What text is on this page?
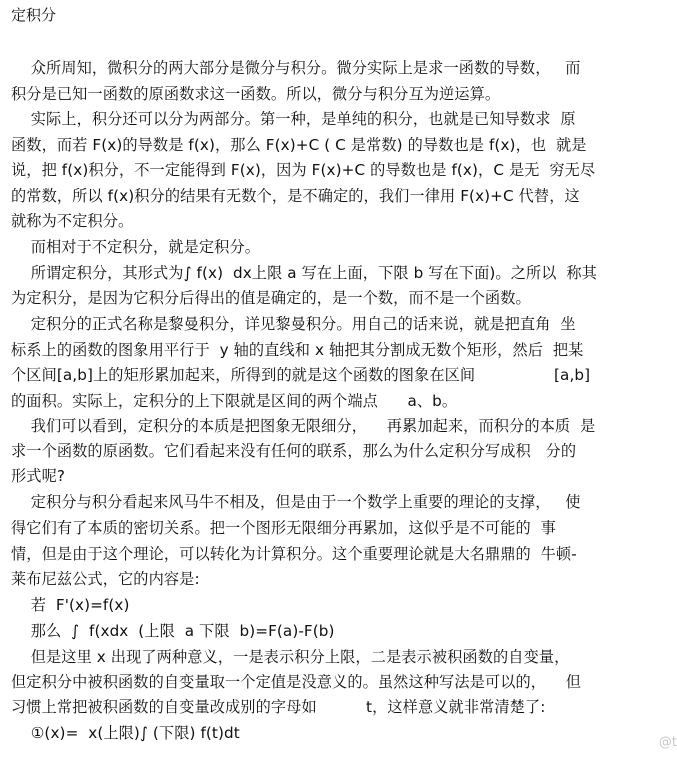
定积分
众所周知，微积分的两大部分是微分与积分。微分实际上是求一函数的导数，   而
积分是已知一函数的原函数求这一函数。所以，微分与积分互为逆运算。
实际上，积分还可以分为两部分。第一种，是单纯的积分，也就是已知导数求  原
函数，而若 F(x)的导数是 f(x)，那么 F(x)+C ( C 是常数) 的导数也是 f(x)，也  就是
说，把 f(x)积分，不一定能得到 F(x)，因为 F(x)+C 的导数也是 f(x)，C 是无  穷无尽
的常数，所以 f(x)积分的结果有无数个，是不确定的，我们一律用 F(x)+C 代替，这
就称为不定积分。
而相对于不定积分，就是定积分。
所谓定积分，其形式为∫ f(x)  dx上限 a 写在上面，下限 b 写在下面)。之所以  称其
为定积分，是因为它积分后得出的值是确定的，是一个数，而不是一个函数。
定积分的正式名称是黎曼积分，详见黎曼积分。用自己的话来说，就是把直角  坐
标系上的函数的图象用平行于  y 轴的直线和 x 轴把其分割成无数个矩形，然后  把某
个区间[a,b]上的矩形累加起来，所得到的就是这个函数的图象在区间                [a,b]
的面积。实际上，定积分的上下限就是区间的两个端点      a、b。
我们可以看到，定积分的本质是把图象无限细分，    再累加起来，而积分的本质  是
求一个函数的原函数。它们看起来没有任何的联系，那么为什么定积分写成积   分的
形式呢?
定积分与积分看起来风马牛不相及，但是由于一个数学上重要的理论的支撑，   使
得它们有了本质的密切关系。把一个图形无限细分再累加，这似乎是不可能的  事
情，但是由于这个理论，可以转化为计算积分。这个重要理论就是大名鼎鼎的  牛顿-
莱布尼兹公式，它的内容是:
若  F'(x)=f(x)
那么  ∫  f(xdx  (上限  a 下限  b)=F(a)-F(b)
但是这里 x 出现了两种意义，一是表示积分上限，二是表示被积函数的自变量，
但定积分中被积函数的自变量取一个定值是没意义的。虽然这种写法是可以的，    但
习惯上常把被积函数的自变量改成别的字母如          t，这样意义就非常清楚了:
①(x)=  x(上限)∫ (下限) f(t)dt
@t
